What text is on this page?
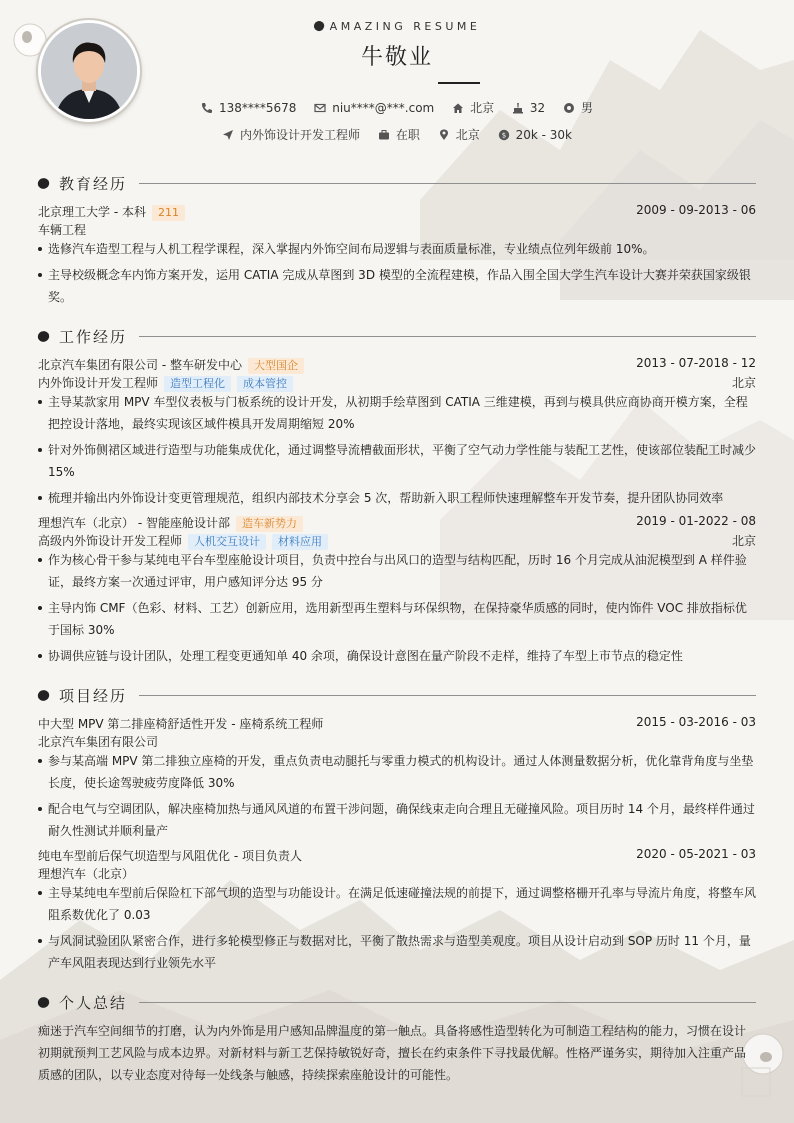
AMAZING RESUME
牛敬业
138****5678
	niu****@***.com
	北京
	32
	男
内外饰设计开发工程师
	在职
	北京
	$ 20k - 30k
教育经历
北京理工大学 - 本科 211	2009 - 09-2013 - 06
车辆工程
选修汽车造型工程与人机工程学课程，深入掌握内外饰空间布局逻辑与表面质量标准，专业绩点位列年级前 10%。
主导校级概念车内饰方案开发，运用 CATIA 完成从草图到 3D 模型的全流程建模，作品入围全国大学生汽车设计大赛并荣获国家级银奖。
工作经历
北京汽车集团有限公司 - 整车研发中心 大型国企	2013 - 07-2018 - 12
内外饰设计开发工程师 造型工程化 成本管控	北京
主导某款家用 MPV 车型仪表板与门板系统的设计开发，从初期手绘草图到 CATIA 三维建模，再到与模具供应商协商开模方案，全程把控设计落地，最终实现该区域件模具开发周期缩短 20%
针对外饰侧裙区域进行造型与功能集成优化，通过调整导流槽截面形状，平衡了空气动力学性能与装配工艺性，使该部位装配工时减少 15%
梳理并输出内外饰设计变更管理规范，组织内部技术分享会 5 次，帮助新入职工程师快速理解整车开发节奏，提升团队协同效率
理想汽车（北京） - 智能座舱设计部 造车新势力	2019 - 01-2022 - 08
高级内外饰设计开发工程师 人机交互设计 材料应用	北京
作为核心骨干参与某纯电平台车型座舱设计项目，负责中控台与出风口的造型与结构匹配，历时 16 个月完成从油泥模型到 A 样件验证，最终方案一次通过评审，用户感知评分达 95 分
主导内饰 CMF（色彩、材料、工艺）创新应用，选用新型再生塑料与环保织物，在保持豪华质感的同时，使内饰件 VOC 排放指标优于国标 30%
协调供应链与设计团队，处理工程变更通知单 40 余项，确保设计意图在量产阶段不走样，维持了车型上市节点的稳定性
项目经历
中大型 MPV 第二排座椅舒适性开发 - 座椅系统工程师	2015 - 03-2016 - 03
北京汽车集团有限公司
参与某高端 MPV 第二排独立座椅的开发，重点负责电动腿托与零重力模式的机构设计。通过人体测量数据分析，优化靠背角度与坐垫长度，使长途驾驶疲劳度降低 30%
配合电气与空调团队，解决座椅加热与通风风道的布置干涉问题，确保线束走向合理且无碰撞风险。项目历时 14 个月，最终样件通过耐久性测试并顺利量产
纯电车型前后保气坝造型与风阻优化 - 项目负责人	2020 - 05-2021 - 03
理想汽车（北京）
主导某纯电车型前后保险杠下部气坝的造型与功能设计。在满足低速碰撞法规的前提下，通过调整格栅开孔率与导流片角度，将整车风阻系数优化了 0.03
与风洞试验团队紧密合作，进行多轮模型修正与数据对比，平衡了散热需求与造型美观度。项目从设计启动到 SOP 历时 11 个月，量产车风阻表现达到行业领先水平
个人总结
痴迷于汽车空间细节的打磨，认为内外饰是用户感知品牌温度的第一触点。具备将感性造型转化为可制造工程结构的能力，习惯在设计初期就预判工艺风险与成本边界。对新材料与新工艺保持敏锐好奇，擅长在约束条件下寻找最优解。性格严谨务实，期待加入注重产品质感的团队，以专业态度对待每一处线条与触感，持续探索座舱设计的可能性。
